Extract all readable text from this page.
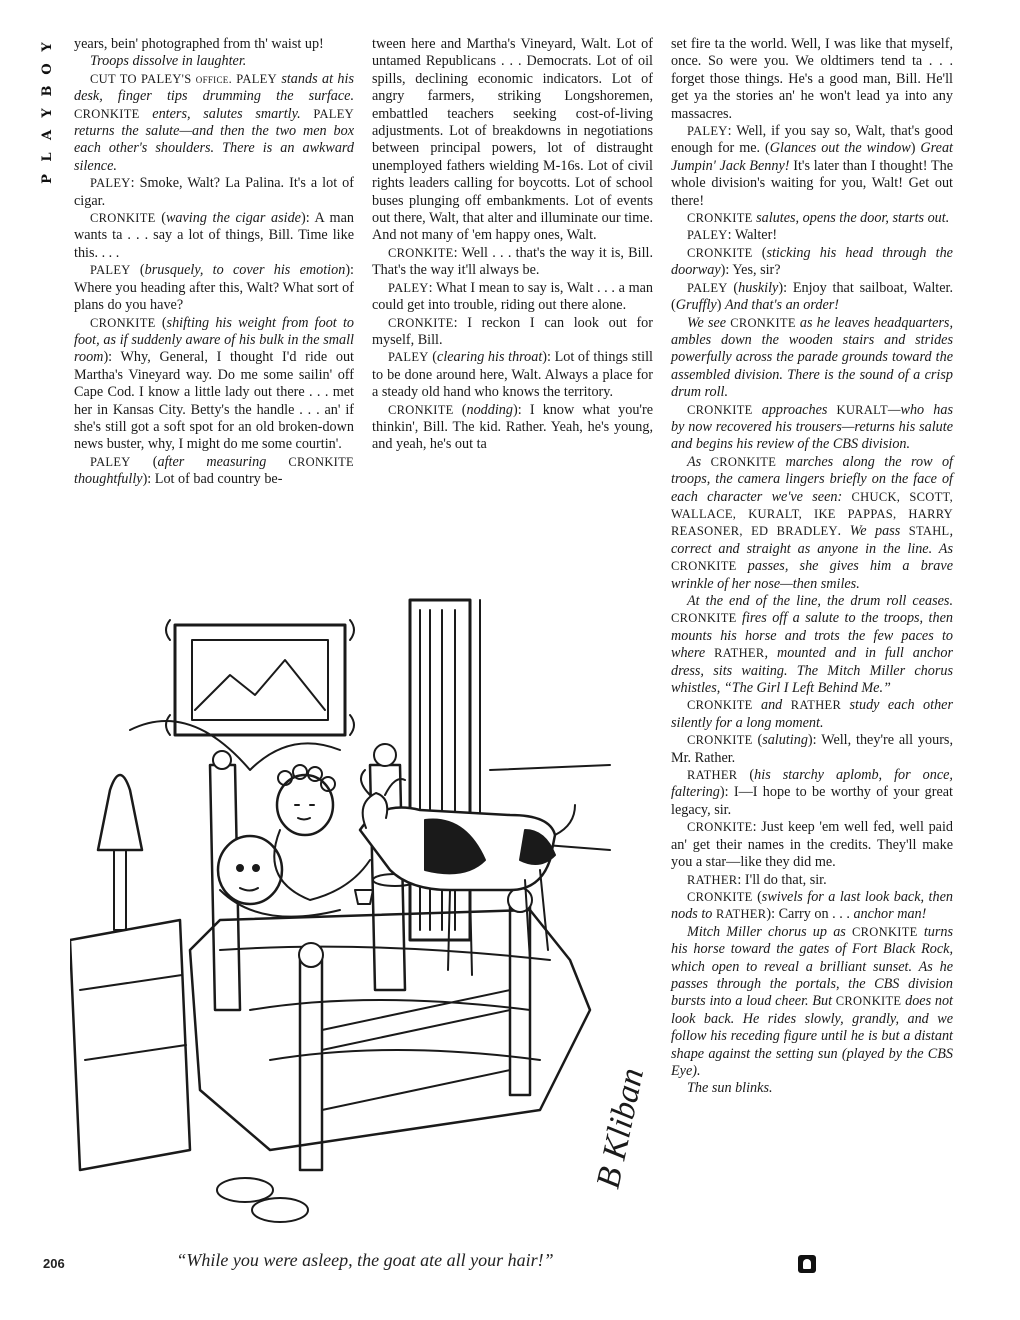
Y
O
B
Y
A
L
P

years, bein' photographed from th' waist up!

Troops dissolve in laughter.

CUT TO PALEY'S office. PALEY stands at his desk, finger tips drumming the surface. CRONKITE enters, salutes smartly. PALEY returns the salute—and then the two men box each other's shoulders. There is an awkward silence.

PALEY: Smoke, Walt? La Palina. It's a lot of cigar.

CRONKITE (waving the cigar aside): A man wants ta . . . say a lot of things, Bill. Time like this. . . .

PALEY (brusquely, to cover his emotion): Where you heading after this, Walt? What sort of plans do you have?

CRONKITE (shifting his weight from foot to foot, as if suddenly aware of his bulk in the small room): Why, General, I thought I'd ride out Martha's Vineyard way. Do me some sailin' off Cape Cod. I know a little lady out there . . . met her in Kansas City. Betty's the handle . . . an' if she's still got a soft spot for an old broken-down news buster, why, I might do me some courtin'.

PALEY (after measuring CRONKITE thoughtfully): Lot of bad country be-

tween here and Martha's Vineyard, Walt. Lot of untamed Republicans . . . Democrats. Lot of oil spills, declining economic indicators. Lot of angry farmers, striking Longshoremen, embattled teachers seeking cost-of-living adjustments. Lot of breakdowns in negotiations between principal powers, lot of distraught unemployed fathers wielding M-16s. Lot of civil rights leaders calling for boycotts. Lot of school buses plunging off embankments. Lot of events out there, Walt, that alter and illuminate our time. And not many of 'em happy ones, Walt.

CRONKITE: Well . . . that's the way it is, Bill. That's the way it'll always be.

PALEY: What I mean to say is, Walt . . . a man could get into trouble, riding out there alone.

CRONKITE: I reckon I can look out for myself, Bill.

PALEY (clearing his throat): Lot of things still to be done around here, Walt. Always a place for a steady old hand who knows the territory.

CRONKITE (nodding): I know what you're thinkin', Bill. The kid. Rather. Yeah, he's young, and yeah, he's out ta

set fire ta the world. Well, I was like that myself, once. So were you. We oldtimers tend ta . . . forget those things. He's a good man, Bill. He'll get ya the stories an' he won't lead ya into any massacres.

PALEY: Well, if you say so, Walt, that's good enough for me. (Glances out the window) Great Jumpin' Jack Benny! It's later than I thought! The whole division's waiting for you, Walt! Get out there!

CRONKITE salutes, opens the door, starts out.

PALEY: Walter!

CRONKITE (sticking his head through the doorway): Yes, sir?

PALEY (huskily): Enjoy that sailboat, Walter. (Gruffly) And that's an order!

We see CRONKITE as he leaves headquarters, ambles down the wooden stairs and strides powerfully across the parade grounds toward the assembled division. There is the sound of a crisp drum roll.

CRONKITE approaches KURALT—who has by now recovered his trousers—returns his salute and begins his review of the CBS division.

As CRONKITE marches along the row of troops, the camera lingers briefly on the face of each character we've seen: CHUCK, SCOTT, WALLACE, KURALT, IKE PAPPAS, HARRY REASONER, ED BRADLEY. We pass STAHL, correct and straight as anyone in the line. As CRONKITE passes, she gives him a brave wrinkle of her nose—then smiles.

At the end of the line, the drum roll ceases. CRONKITE fires off a salute to the troops, then mounts his horse and trots the few paces to where RATHER, mounted and in full anchor dress, sits waiting. The Mitch Miller chorus whistles, “The Girl I Left Behind Me.”

CRONKITE and RATHER study each other silently for a long moment.

CRONKITE (saluting): Well, they're all yours, Mr. Rather.

RATHER (his starchy aplomb, for once, faltering): I—I hope to be worthy of your great legacy, sir.

CRONKITE: Just keep 'em well fed, well paid an' get their names in the credits. They'll make you a star—like they did me.

RATHER: I'll do that, sir.

CRONKITE (swivels for a last look back, then nods to RATHER): Carry on . . . anchor man!

Mitch Miller chorus up as CRONKITE turns his horse toward the gates of Fort Black Rock, which open to reveal a brilliant sunset. As he passes through the portals, the CBS division bursts into a loud cheer. But CRONKITE does not look back. He rides slowly, grandly, and we follow his receding figure until he is but a distant shape against the setting sun (played by the CBS Eye).

The sun blinks.

B Kliban
“While you were asleep, the goat ate all your hair!”
206
